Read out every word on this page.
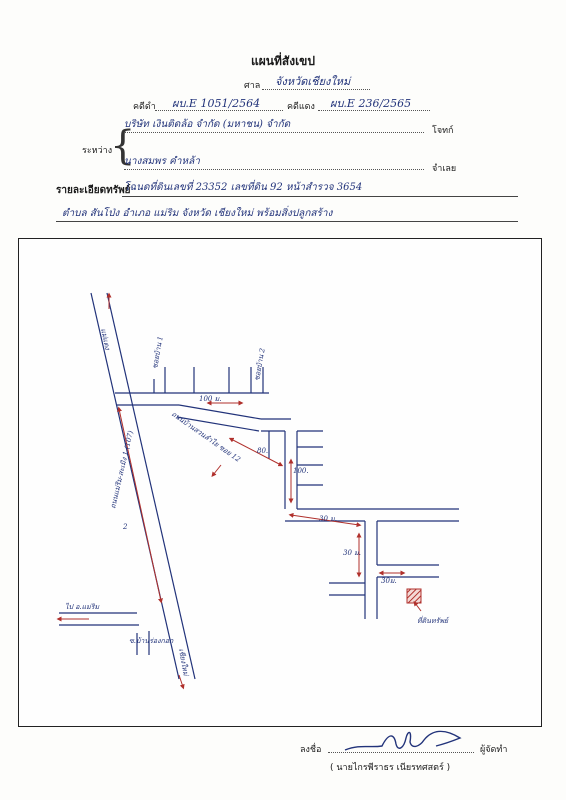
แผนที่สังเขป
ศาล จังหวัดเชียงใหม่
คดีดำ ผบ.E 1051/2564	คดีแดง ผบ.E 236/2565
ระหว่าง
{
บริษัท เงินติดล้อ จำกัด (มหาชน) จำกัด
โจทก์
นางสมพร คำหล้า
จำเลย
รายละเอียดทรัพย์
โฉนดที่ดินเลขที่ 23352 เลขที่ดิน 92 หน้าสำรวจ 3654
ตำบล สันโป่ง อำเภอ แม่ริม จังหวัด เชียงใหม่ พร้อมสิ่งปลูกสร้าง
แม่แตง
ถนนแม่ริม-สะเมิง 1 (107)
ซอยบ้าน 1	ซอยบ้าน 2
ถนนบ้านสวนลำไย ซอย 12
100 ม.
80.
100.
30 ม.
30 ม.
30ม.
2
ไป อ.แม่ริม
ซ.บ้านร่องกอก
เชียงใหม่
ที่ดินทรัพย์
ลงชื่อ	ผู้จัดทำ
( นายไกรพีราธร เนียรทศสตร์ )
